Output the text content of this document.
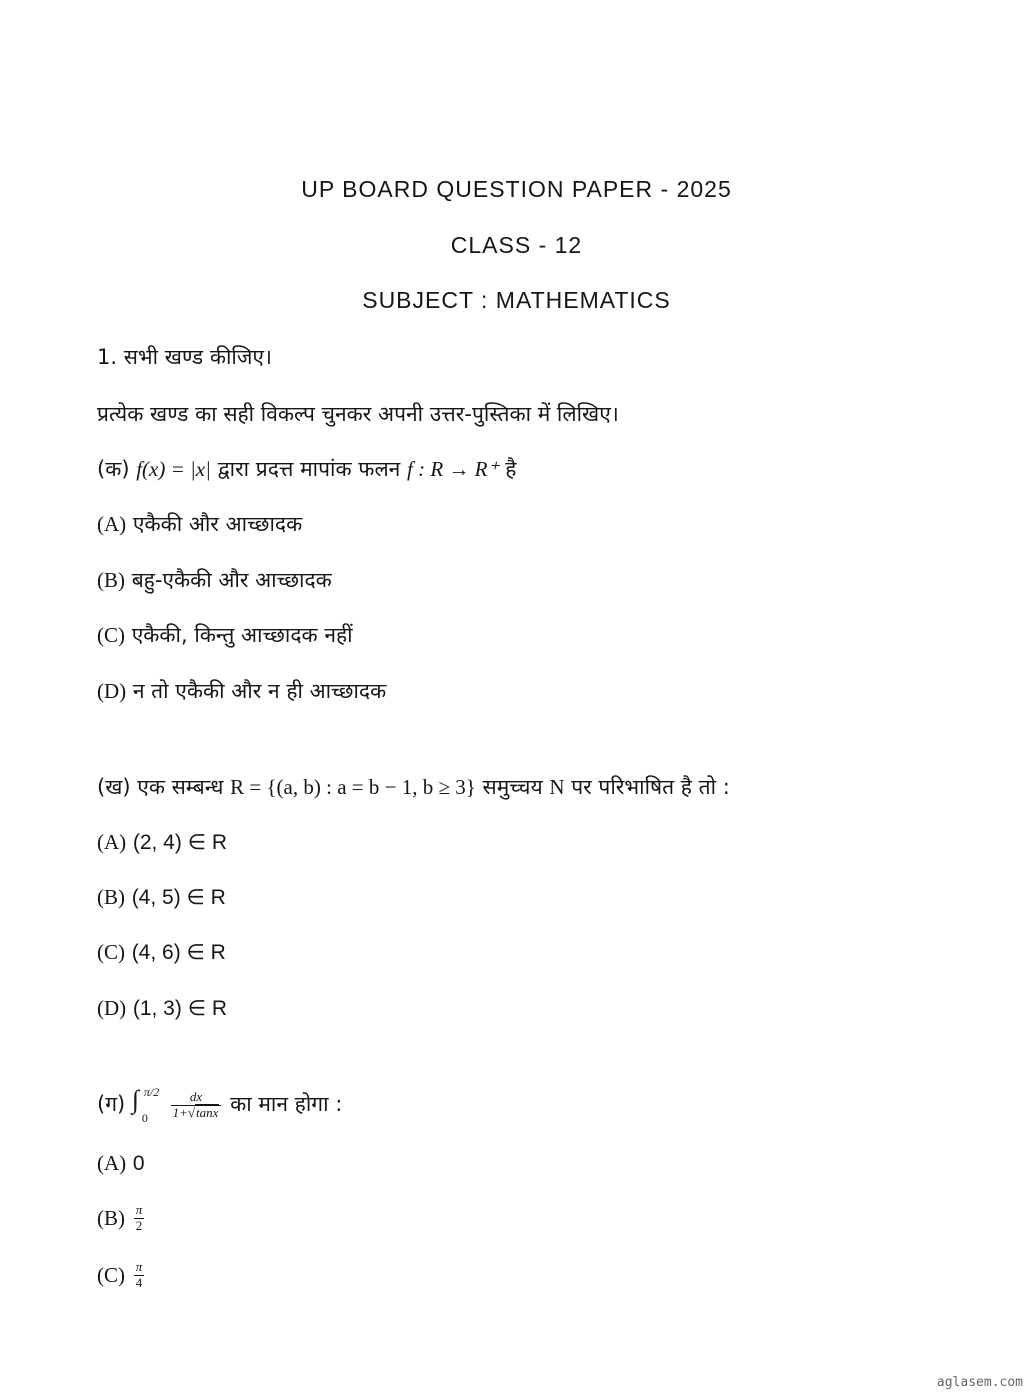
UP BOARD QUESTION PAPER - 2025
CLASS - 12
SUBJECT : MATHEMATICS
1. सभी खण्ड कीजिए।
प्रत्येक खण्ड का सही विकल्प चुनकर अपनी उत्तर-पुस्तिका में लिखिए।
(क) f(x) = |x| द्वारा प्रदत्त मापांक फलन f : R → R⁺ है
(A) एकैकी और आच्छादक
(B) बहु-एकैकी और आच्छादक
(C) एकैकी, किन्तु आच्छादक नहीं
(D) न तो एकैकी और न ही आच्छादक
(ख) एक सम्बन्ध R = {(a, b) : a = b − 1, b ≥ 3} समुच्चय N पर परिभाषित है तो :
(A) (2, 4) ∈ R
(B) (4, 5) ∈ R
(C) (4, 6) ∈ R
(D) (1, 3) ∈ R
(ग) ∫ π/2
0
$\frac{dx}{1+√\tan x}$ का मान होगा :
(A) 0
$(B) \frac{\pi}{2}$
$(C) \frac{\pi}{4}$
aglasem.com
